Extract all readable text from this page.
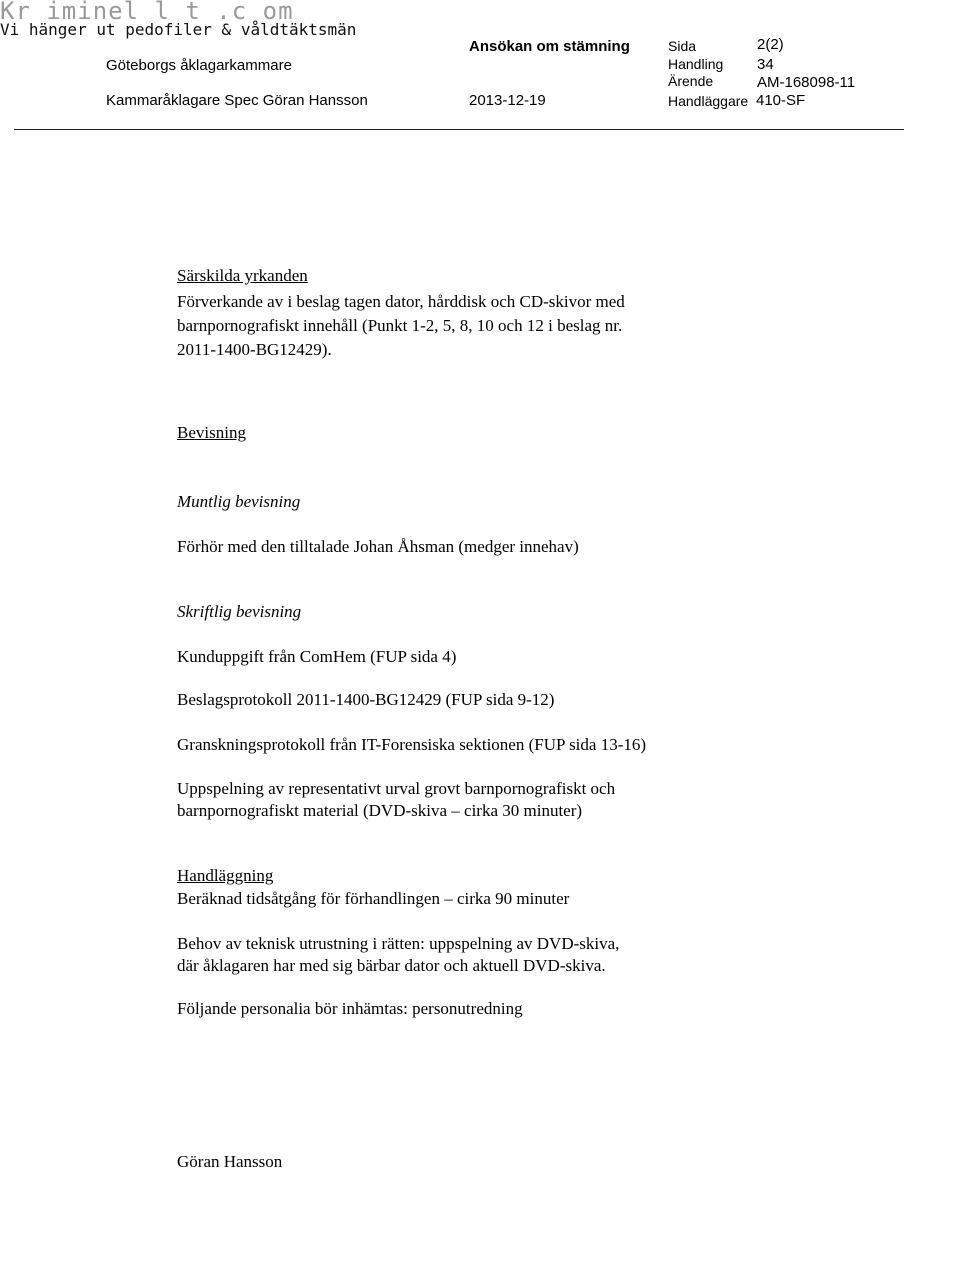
Kr iminel l t .c om
Vi hänger ut pedofiler & våldtäktsmän
Göteborgs åklagarkammare
Kammaråklagare Spec Göran Hansson
Ansökan om stämning
2013-12-19
Sida	2(2)
Handling 34
Ärende	AM-168098-11
Handläggare 410-SF
Särskilda yrkanden
Förverkande av i beslag tagen dator, hårddisk och CD-skivor med
barnpornografiskt innehåll (Punkt 1-2, 5, 8, 10 och 12 i beslag nr.
2011-1400-BG12429).
Bevisning
Muntlig bevisning
Förhör med den tilltalade Johan Åhsman (medger innehav)
Skriftlig bevisning
Kunduppgift från ComHem (FUP sida 4)
Beslagsprotokoll 2011-1400-BG12429 (FUP sida 9-12)
Granskningsprotokoll från IT-Forensiska sektionen (FUP sida 13-16)
Uppspelning av representativt urval grovt barnpornografiskt och
barnpornografiskt material (DVD-skiva – cirka 30 minuter)
Handläggning
Beräknad tidsåtgång för förhandlingen – cirka 90 minuter
Behov av teknisk utrustning i rätten: uppspelning av DVD-skiva,
där åklagaren har med sig bärbar dator och aktuell DVD-skiva.
Följande personalia bör inhämtas: personutredning
Göran Hansson
